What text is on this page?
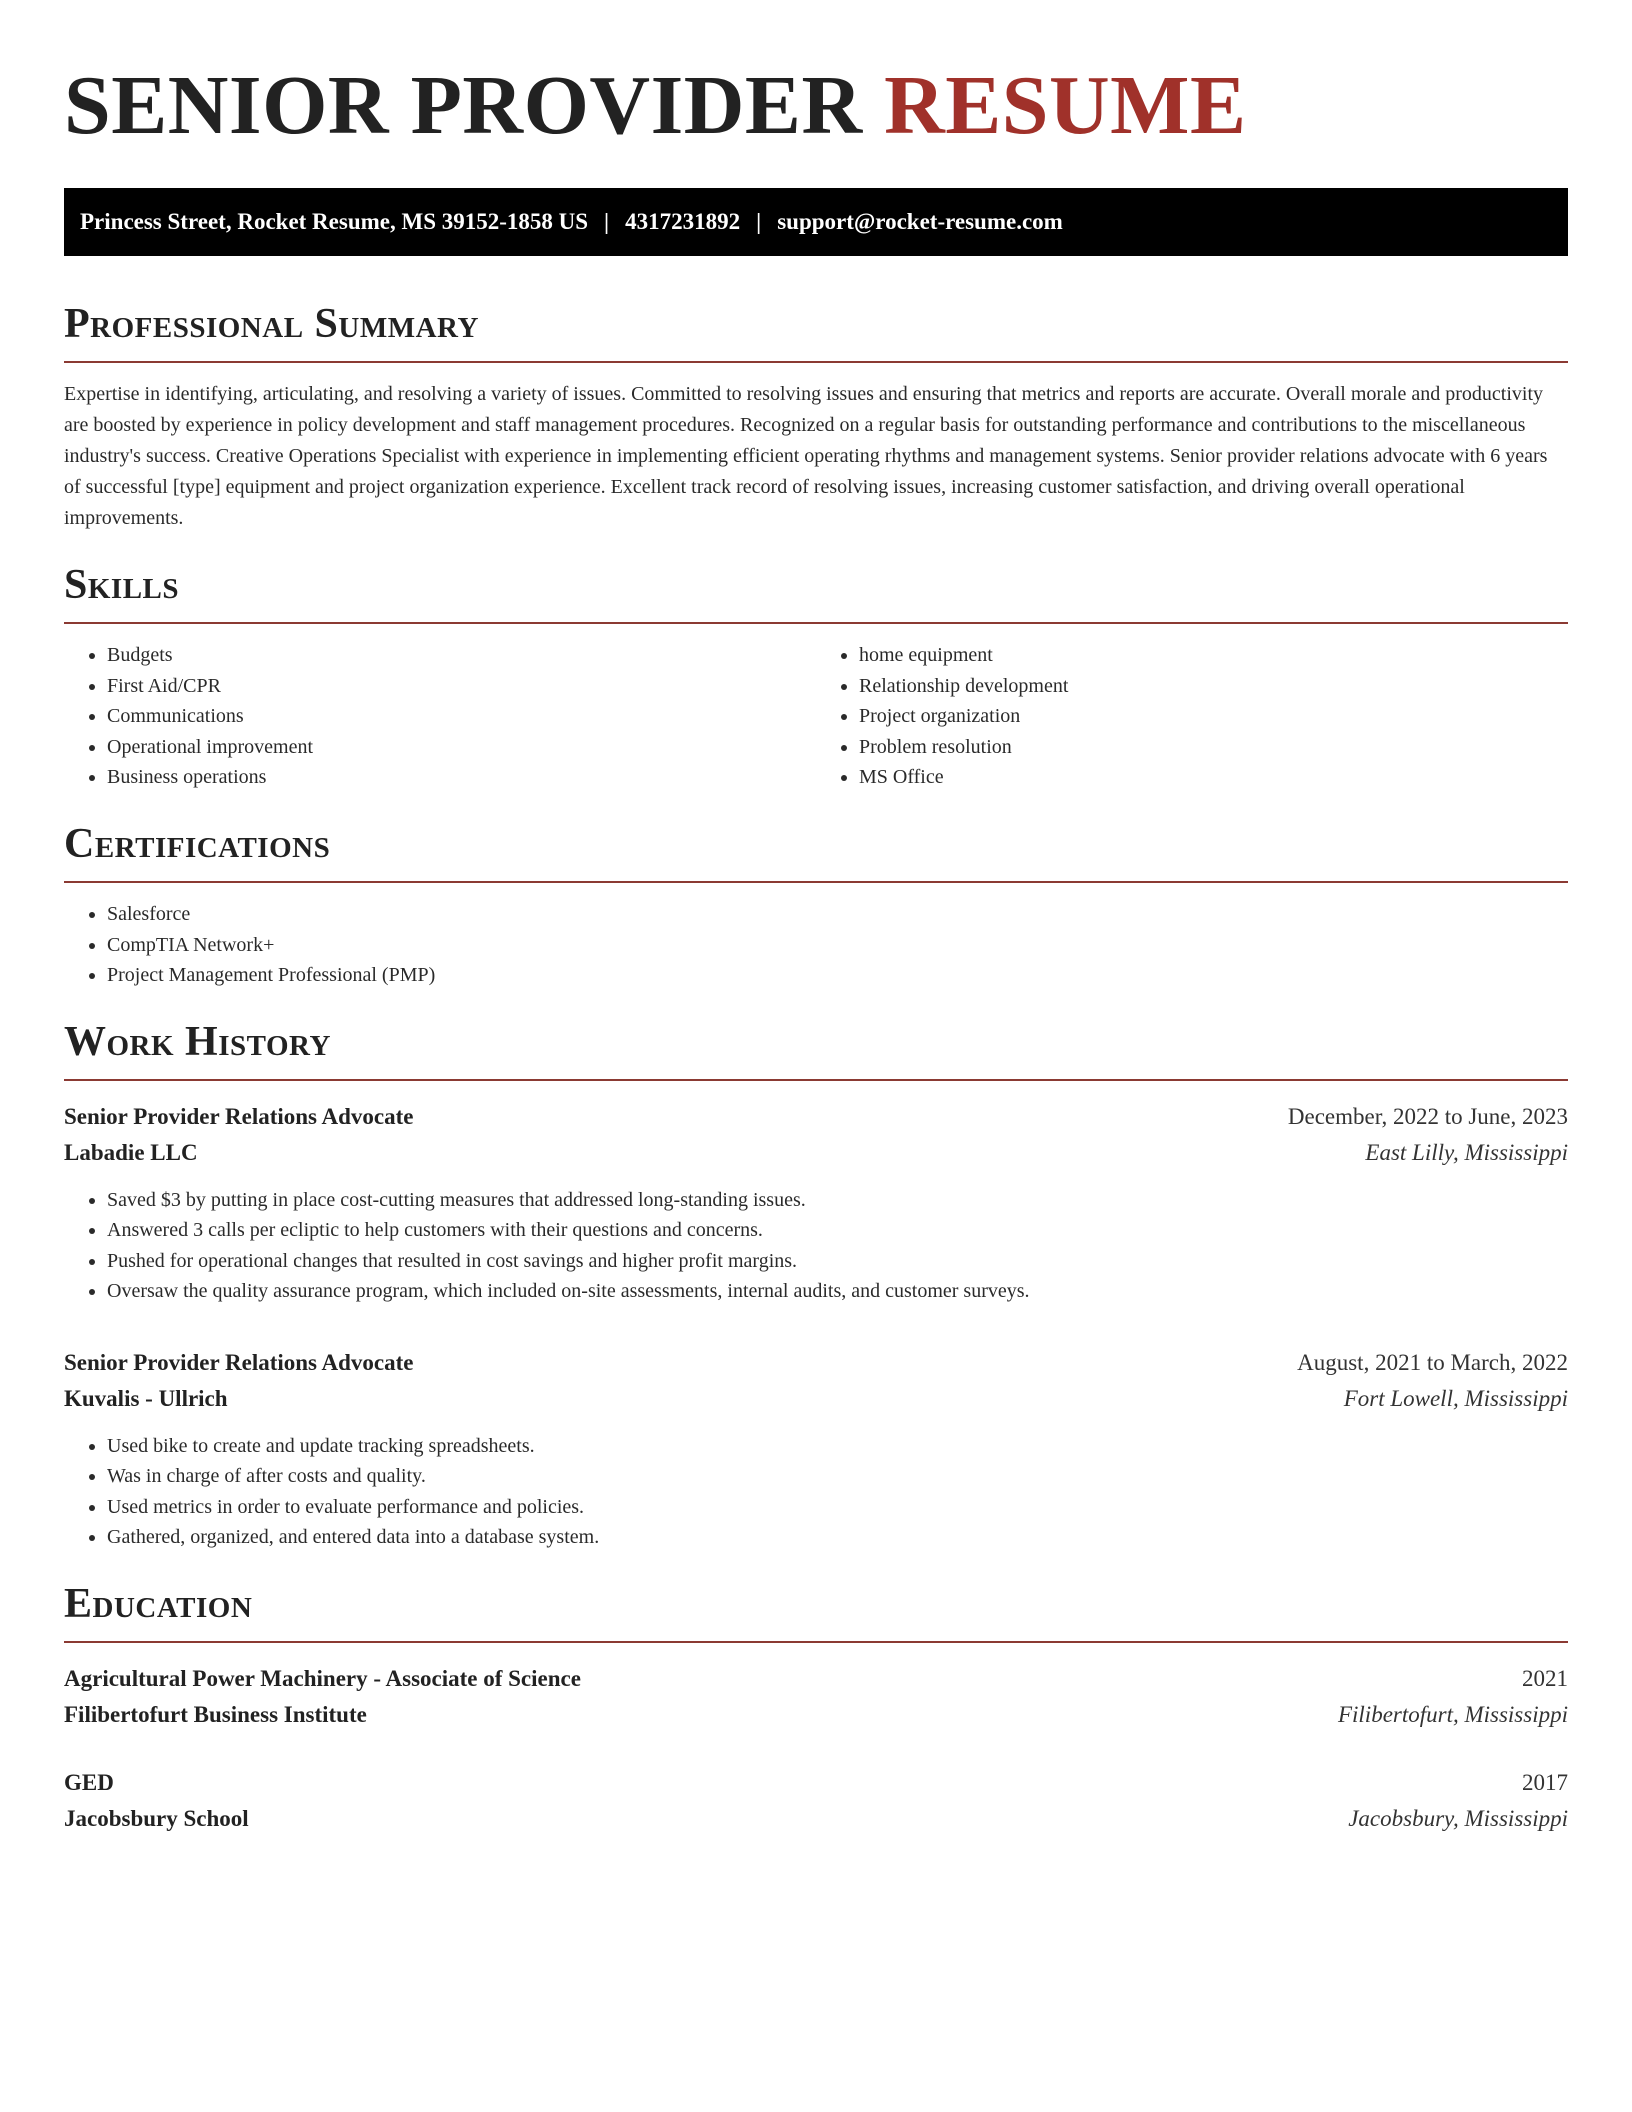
SENIOR PROVIDER RESUME
Princess Street, Rocket Resume, MS 39152-1858 US | 4317231892 | support@rocket-resume.com
Professional Summary

Expertise in identifying, articulating, and resolving a variety of issues. Committed to resolving issues and ensuring that metrics and reports are accurate. Overall morale and productivity are boosted by experience in policy development and staff management procedures. Recognized on a regular basis for outstanding performance and contributions to the miscellaneous industry's success. Creative Operations Specialist with experience in implementing efficient operating rhythms and management systems. Senior provider relations advocate with 6 years of successful [type] equipment and project organization experience. Excellent track record of resolving issues, increasing customer satisfaction, and driving overall operational improvements.

Skills
• Budgets
• First Aid/CPR
• Communications
• Operational improvement
• Business operations
• home equipment
• Relationship development
• Project organization
• Problem resolution
• MS Office
Certifications
• Salesforce
• CompTIA Network+
• Project Management Professional (PMP)
Work History
Senior Provider Relations Advocate	December, 2022 to June, 2023
Labadie LLC	East Lilly, Mississippi
• Saved $3 by putting in place cost-cutting measures that addressed long-standing issues.
• Answered 3 calls per ecliptic to help customers with their questions and concerns.
• Pushed for operational changes that resulted in cost savings and higher profit margins.
• Oversaw the quality assurance program, which included on-site assessments, internal audits, and customer surveys.
Senior Provider Relations Advocate	August, 2021 to March, 2022
Kuvalis - Ullrich	Fort Lowell, Mississippi
• Used bike to create and update tracking spreadsheets.
• Was in charge of after costs and quality.
• Used metrics in order to evaluate performance and policies.
• Gathered, organized, and entered data into a database system.
Education
Agricultural Power Machinery - Associate of Science	2021
Filibertofurt Business Institute	Filibertofurt, Mississippi
GED	2017
Jacobsbury School	Jacobsbury, Mississippi
